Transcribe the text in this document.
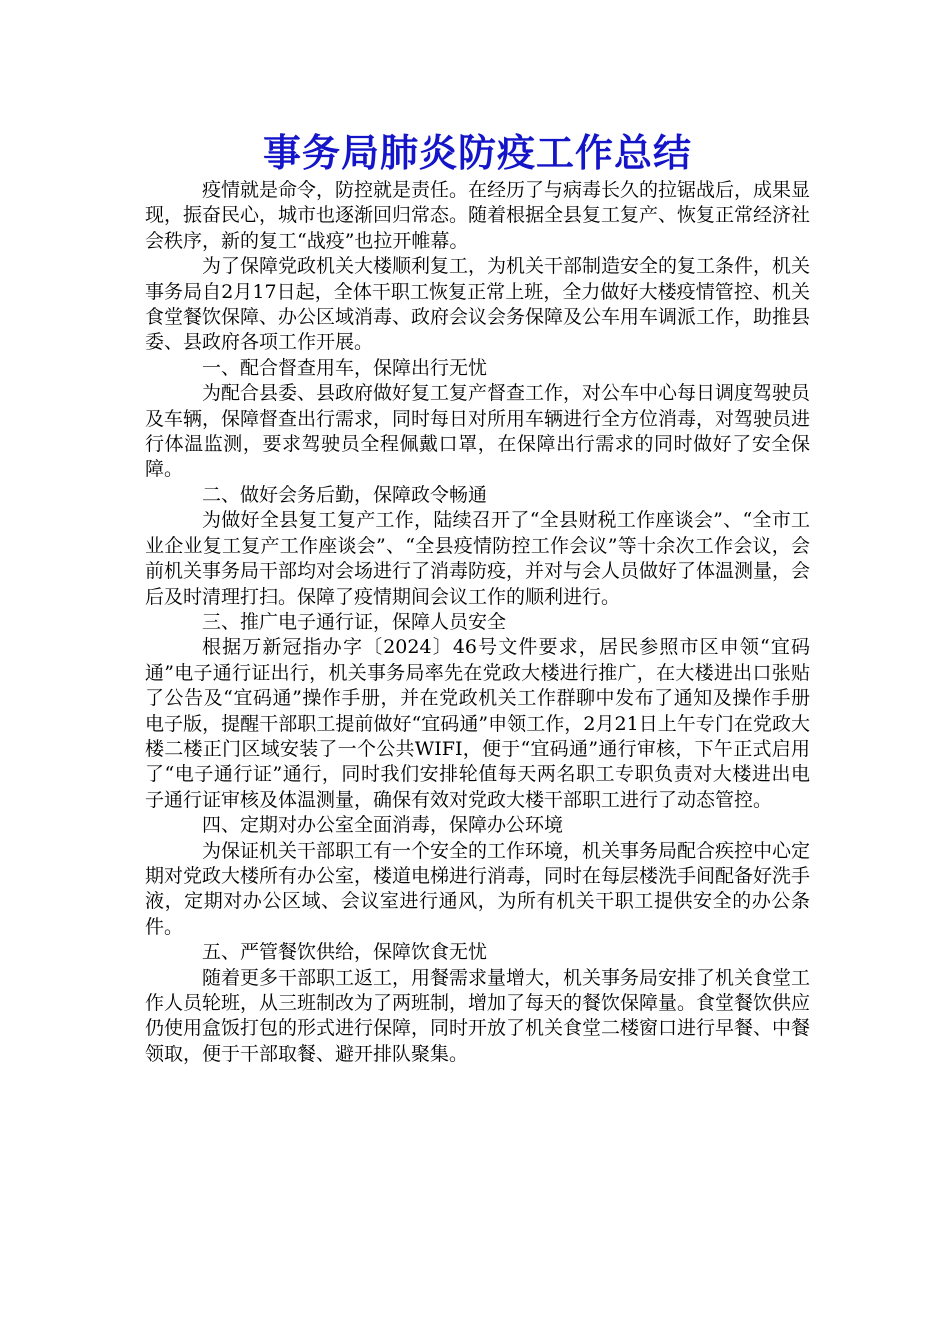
事务局肺炎防疫工作总结

疫情就是命令，防控就是责任。在经历了与病毒长久的拉锯战后，成果显现，振奋民心，城市也逐渐回归常态。随着根据全县复工复产、恢复正常经济社会秩序，新的复工“战疫”也拉开帷幕。

为了保障党政机关大楼顺利复工，为机关干部制造安全的复工条件，机关事务局自2月17日起，全体干职工恢复正常上班，全力做好大楼疫情管控、机关食堂餐饮保障、办公区域消毒、政府会议会务保障及公车用车调派工作，助推县委、县政府各项工作开展。

一、配合督查用车，保障出行无忧

为配合县委、县政府做好复工复产督查工作，对公车中心每日调度驾驶员及车辆，保障督查出行需求，同时每日对所用车辆进行全方位消毒，对驾驶员进行体温监测，要求驾驶员全程佩戴口罩，在保障出行需求的同时做好了安全保障。

二、做好会务后勤，保障政令畅通

为做好全县复工复产工作，陆续召开了“全县财税工作座谈会”、“全市工业企业复工复产工作座谈会”、“全县疫情防控工作会议”等十余次工作会议，会前机关事务局干部均对会场进行了消毒防疫，并对与会人员做好了体温测量，会后及时清理打扫。保障了疫情期间会议工作的顺利进行。

三、推广电子通行证，保障人员安全

根据万新冠指办字〔2024〕46号文件要求，居民参照市区申领“宜码通”电子通行证出行，机关事务局率先在党政大楼进行推广，在大楼进出口张贴了公告及“宜码通”操作手册，并在党政机关工作群聊中发布了通知及操作手册电子版，提醒干部职工提前做好“宜码通”申领工作，2月21日上午专门在党政大楼二楼正门区域安装了一个公共WIFI，便于“宜码通”通行审核，下午正式启用了“电子通行证”通行，同时我们安排轮值每天两名职工专职负责对大楼进出电子通行证审核及体温测量，确保有效对党政大楼干部职工进行了动态管控。

四、定期对办公室全面消毒，保障办公环境

为保证机关干部职工有一个安全的工作环境，机关事务局配合疾控中心定期对党政大楼所有办公室，楼道电梯进行消毒，同时在每层楼洗手间配备好洗手液，定期对办公区域、会议室进行通风，为所有机关干职工提供安全的办公条件。

五、严管餐饮供给，保障饮食无忧

随着更多干部职工返工，用餐需求量增大，机关事务局安排了机关食堂工作人员轮班，从三班制改为了两班制，增加了每天的餐饮保障量。食堂餐饮供应仍使用盒饭打包的形式进行保障，同时开放了机关食堂二楼窗口进行早餐、中餐领取，便于干部取餐、避开排队聚集。
